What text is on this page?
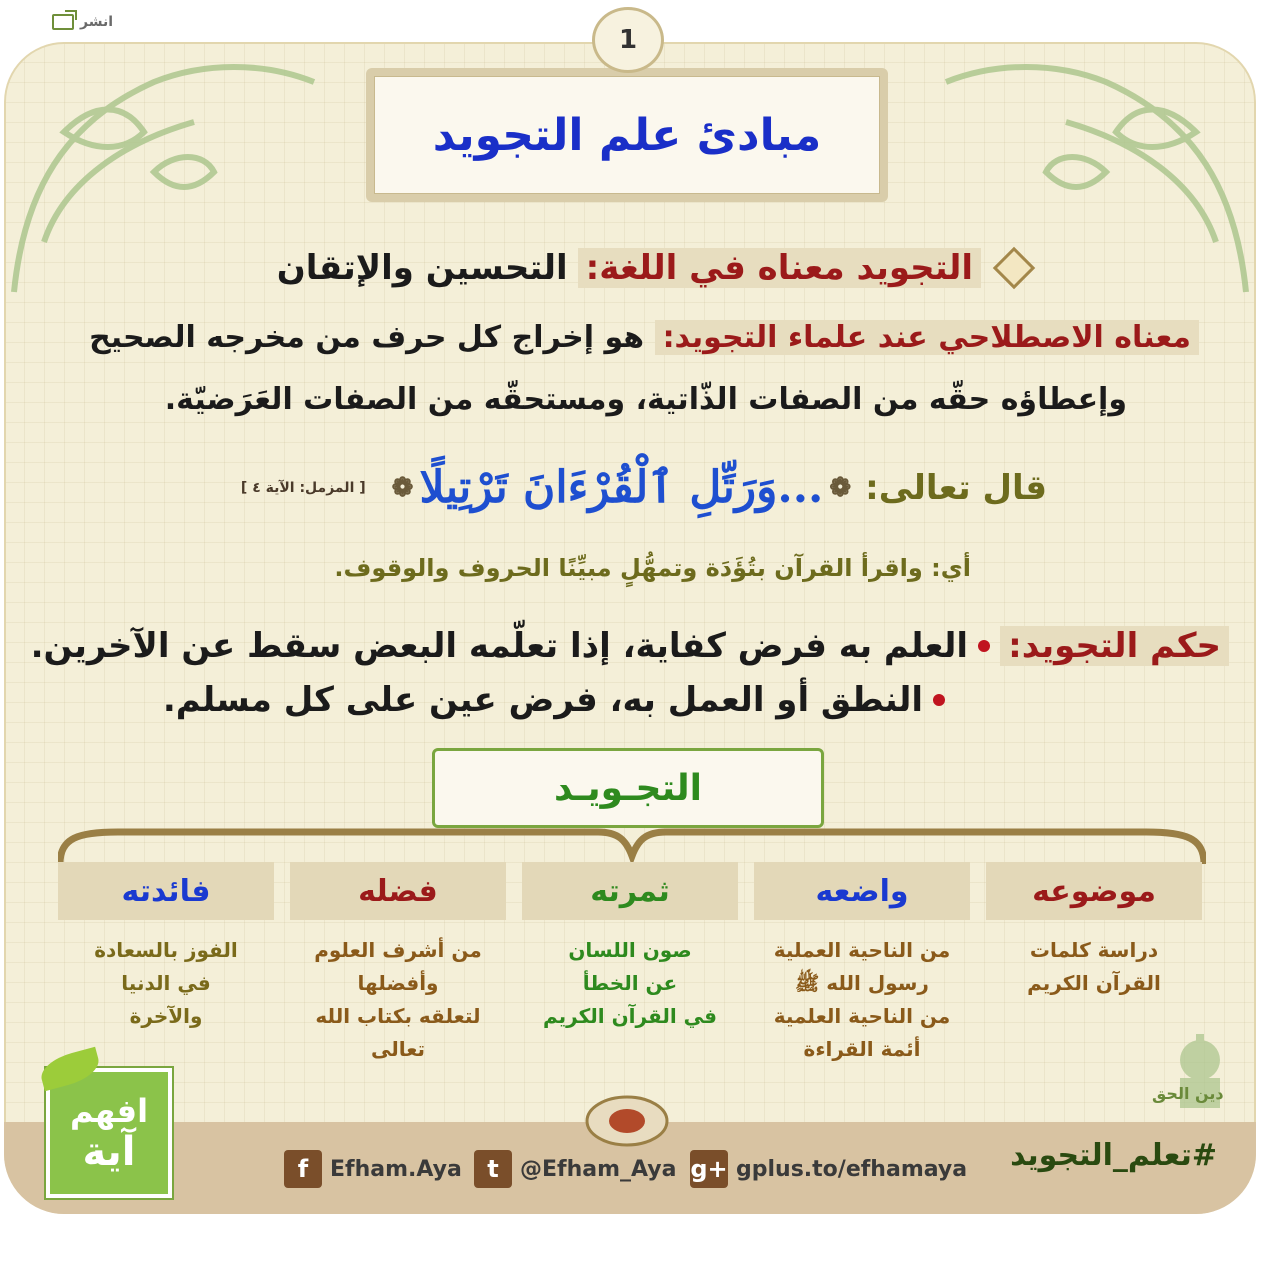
انشر
1
مبادئ علم التجويد
التجويد معناه في اللغة:
التحسين والإتقان
معناه الاصطلاحي عند علماء التجويد: هو إخراج كل حرف من مخرجه الصحيح
وإعطاؤه حقّه من الصفات الذّاتية، ومستحقّه من الصفات العَرَضيّة.
قال تعالى:
❁
...وَرَتِّلِ ٱلْقُرْءَانَ تَرْتِيلًا
❁
[ المزمل: الآية ٤ ]
أي: واقرأ القرآن بتُؤَدَة وتمهُّلٍ مبيِّنًا الحروف والوقوف.
حكم التجويد:
العلم به فرض كفاية، إذا تعلّمه البعض سقط عن الآخرين.
النطق أو العمل به، فرض عين على كل مسلم.
التجـويـد
موضوعه
دراسة كلمات
القرآن الكريم
واضعه
من الناحية العملية
رسول الله ﷺ
من الناحية العلمية
أئمة القراءة
ثمرته
صون اللسان
عن الخطأ
في القرآن الكريم
فضله
من أشرف العلوم
وأفضلها
لتعلقه بكتاب الله
تعالى
فائدته
الفوز بالسعادة
في الدنيا
والآخرة
دين الحق
f Efham.Aya	t @Efham_Aya g+ gplus.to/efhamaya #تعلم_التجويد
افهم
آية
